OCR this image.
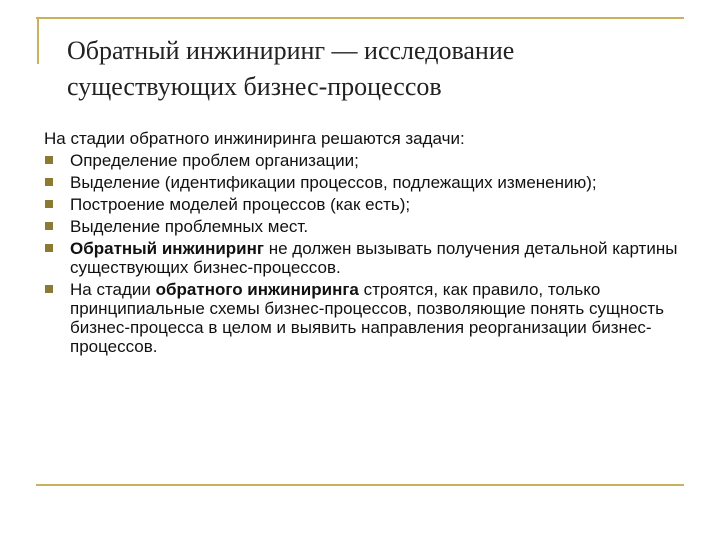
Обратный инжиниринг — исследование
существующих бизнес-процессов

На стадии обратного инжиниринга решаются задачи:

Определение проблем организации;
Выделение (идентификации процессов, подлежащих изменению);
Построение моделей процессов (как есть);
Выделение проблемных мест.
Обратный инжиниринг не должен вызывать получения детальной картины существующих бизнес-процессов.
На стадии обратного инжиниринга строятся, как правило, только принципиальные схемы бизнес-процессов, позволяющие понять сущность бизнес-процесса в целом и выявить направления реорганизации бизнес-процессов.
